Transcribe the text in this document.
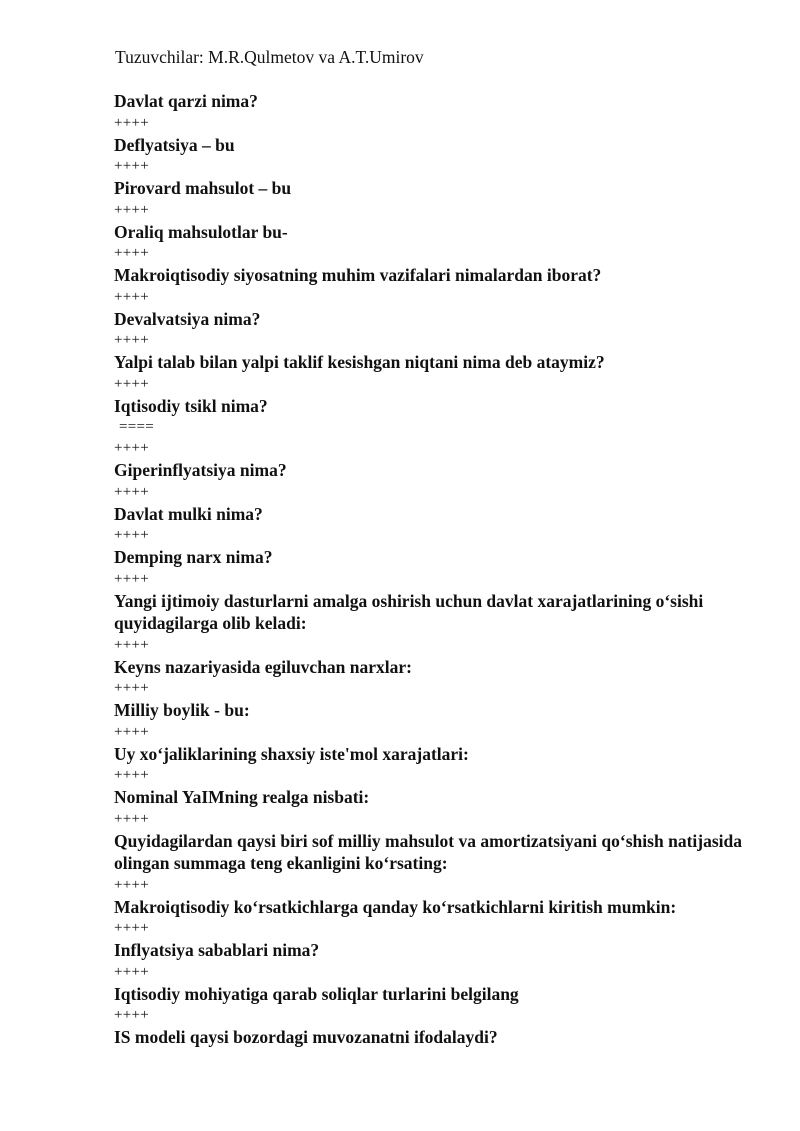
Tuzuvchilar: M.R.Qulmetov va A.T.Umirov

Davlat qarzi nima?

++++

Deflyatsiya – bu

++++

Pirovard mahsulot – bu

++++

Oraliq mahsulotlar bu-

++++

Makroiqtisodiy siyosatning muhim vazifalari nimalardan iborat?

++++

Devalvatsiya nima?

++++

Yalpi talab bilan yalpi taklif kesishgan niqtani nima deb ataymiz?

++++

Iqtisodiy tsikl nima?

====
++++

Giperinflyatsiya nima?

++++

Davlat mulki nima?

++++

Demping narx nima?

++++

Yangi ijtimoiy dasturlarni amalga oshirish uchun davlat xarajatlarining o‘sishi quyidagilarga olib keladi:

++++

Keyns nazariyasida egiluvchan narxlar:

++++

Milliy boylik - bu:

++++

Uy xo‘jaliklarining shaxsiy iste'mol xarajatlari:

++++

Nominal YaIMning realga nisbati:

++++

Quyidagilardan qaysi biri sof milliy mahsulot va amortizatsiyani qo‘shish natijasida olingan summaga teng ekanligini ko‘rsating:

++++

Makroiqtisodiy ko‘rsatkichlarga qanday ko‘rsatkichlarni kiritish mumkin:

++++

Inflyatsiya sabablari nima?

++++

Iqtisodiy mohiyatiga qarab soliqlar turlarini belgilang

++++

IS modeli qaysi bozordagi muvozanatni ifodalaydi?
